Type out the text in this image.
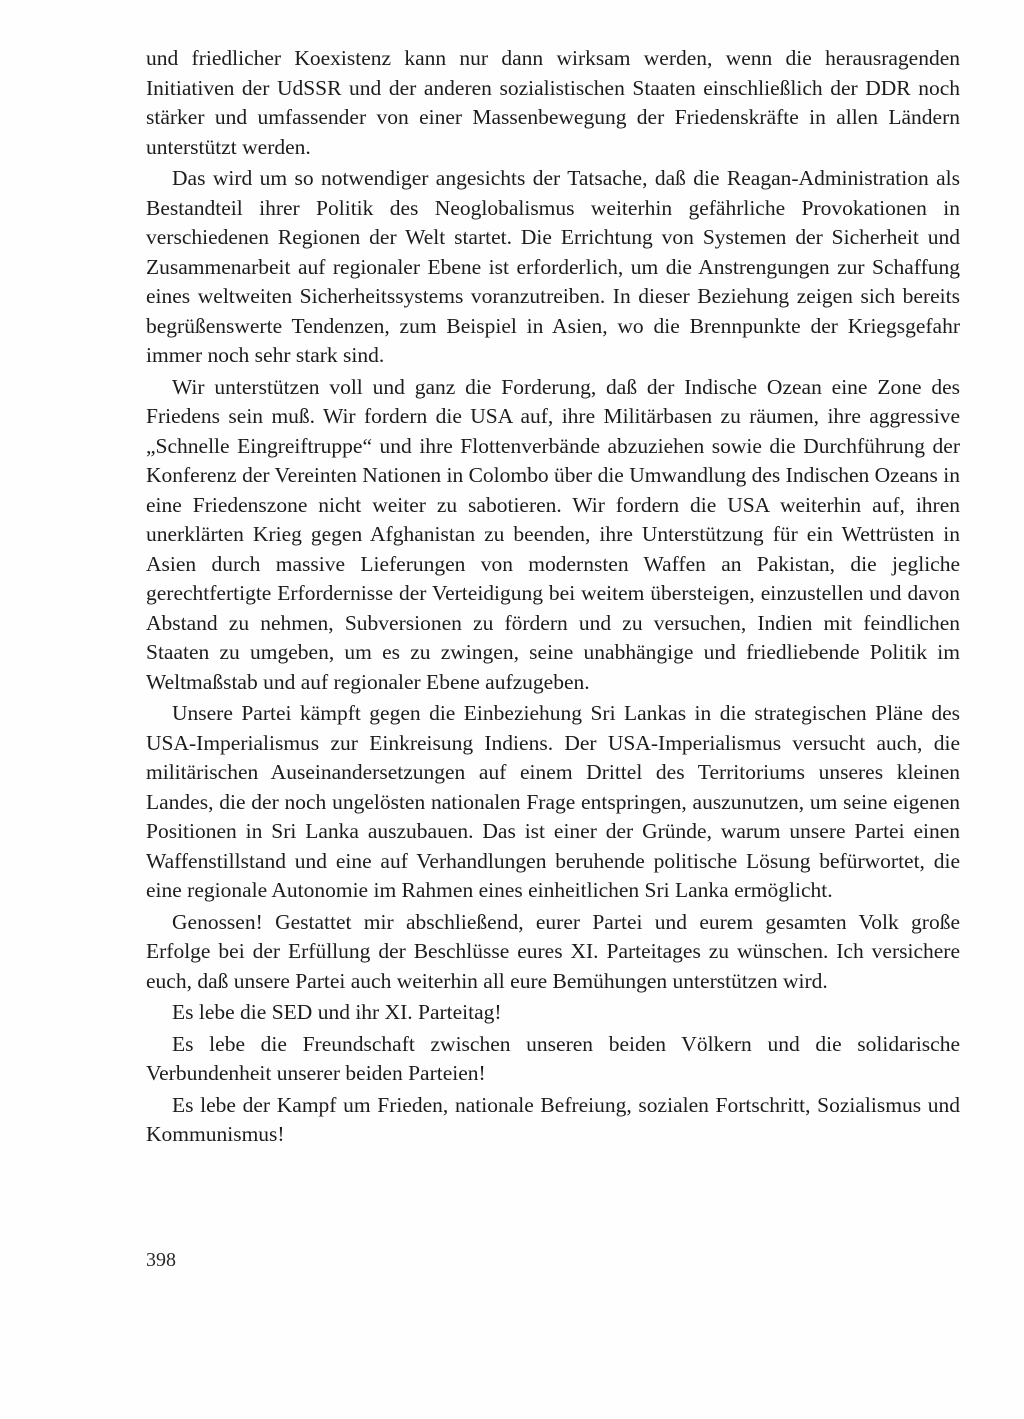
und friedlicher Koexistenz kann nur dann wirksam werden, wenn die herausragenden Initiativen der UdSSR und der anderen sozialistischen Staaten einschließlich der DDR noch stärker und umfassender von einer Massenbewegung der Friedenskräfte in allen Ländern unterstützt werden.

Das wird um so notwendiger angesichts der Tatsache, daß die Reagan-Administration als Bestandteil ihrer Politik des Neoglobalismus weiterhin gefährliche Provokationen in verschiedenen Regionen der Welt startet. Die Errichtung von Systemen der Sicherheit und Zusammenarbeit auf regionaler Ebene ist erforderlich, um die Anstrengungen zur Schaffung eines weltweiten Sicherheitssystems voranzutreiben. In dieser Beziehung zeigen sich bereits begrüßenswerte Tendenzen, zum Beispiel in Asien, wo die Brennpunkte der Kriegsgefahr immer noch sehr stark sind.

Wir unterstützen voll und ganz die Forderung, daß der Indische Ozean eine Zone des Friedens sein muß. Wir fordern die USA auf, ihre Militärbasen zu räumen, ihre aggressive „Schnelle Eingreiftruppe“ und ihre Flottenverbände abzuziehen sowie die Durchführung der Konferenz der Vereinten Nationen in Colombo über die Umwandlung des Indischen Ozeans in eine Friedenszone nicht weiter zu sabotieren. Wir fordern die USA weiterhin auf, ihren unerklärten Krieg gegen Afghanistan zu beenden, ihre Unterstützung für ein Wettrüsten in Asien durch massive Lieferungen von modernsten Waffen an Pakistan, die jegliche gerechtfertigte Erfordernisse der Verteidigung bei weitem übersteigen, einzustellen und davon Abstand zu nehmen, Subversionen zu fördern und zu versuchen, Indien mit feindlichen Staaten zu umgeben, um es zu zwingen, seine unabhängige und friedliebende Politik im Weltmaßstab und auf regionaler Ebene aufzugeben.

Unsere Partei kämpft gegen die Einbeziehung Sri Lankas in die strategischen Pläne des USA-Imperialismus zur Einkreisung Indiens. Der USA-Imperialismus versucht auch, die militärischen Auseinandersetzungen auf einem Drittel des Territoriums unseres kleinen Landes, die der noch ungelösten nationalen Frage entspringen, auszunutzen, um seine eigenen Positionen in Sri Lanka auszubauen. Das ist einer der Gründe, warum unsere Partei einen Waffenstillstand und eine auf Verhandlungen beruhende politische Lösung befürwortet, die eine regionale Autonomie im Rahmen eines einheitlichen Sri Lanka ermöglicht.

Genossen! Gestattet mir abschließend, eurer Partei und eurem gesamten Volk große Erfolge bei der Erfüllung der Beschlüsse eures XI. Parteitages zu wünschen. Ich versichere euch, daß unsere Partei auch weiterhin all eure Bemühungen unterstützen wird.

Es lebe die SED und ihr XI. Parteitag!

Es lebe die Freundschaft zwischen unseren beiden Völkern und die solidarische Verbundenheit unserer beiden Parteien!

Es lebe der Kampf um Frieden, nationale Befreiung, sozialen Fortschritt, Sozialismus und Kommunismus!

398
